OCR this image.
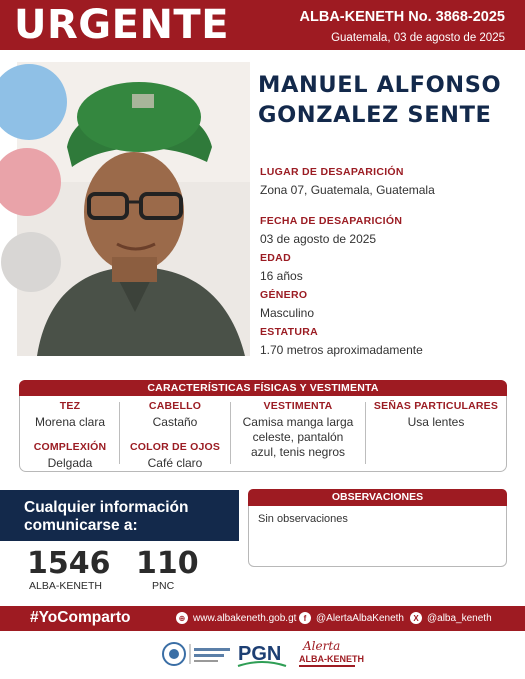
URGENTE	ALBA-KENETH No. 3868-2025
Guatemala, 03 de agosto de 2025
MANUEL ALFONSO
GONZALEZ SENTE
LUGAR DE DESAPARICIÓN
Zona 07, Guatemala, Guatemala
FECHA DE DESAPARICIÓN
03 de agosto de 2025
EDAD
16 años
GÉNERO
Masculino
ESTATURA
1.70 metros aproximadamente
CARACTERÍSTICAS FÍSICAS Y VESTIMENTA
TEZ
Morena clara
COMPLEXIÓN
Delgada
CABELLO
Castaño
COLOR DE OJOS
Café claro
VESTIMENTA
Camisa manga larga
celeste, pantalón
azul, tenis negros
SEÑAS PARTICULARES
Usa lentes
Cualquier información
comunicarse a:
1546
ALBA-KENETH
110
PNC
OBSERVACIONES
Sin observaciones
#YoComparto	⊕ www.albakeneth.gob.gt f @AlertaAlbaKeneth	X @alba_keneth
PGN Alerta
ALBA-KENETH
